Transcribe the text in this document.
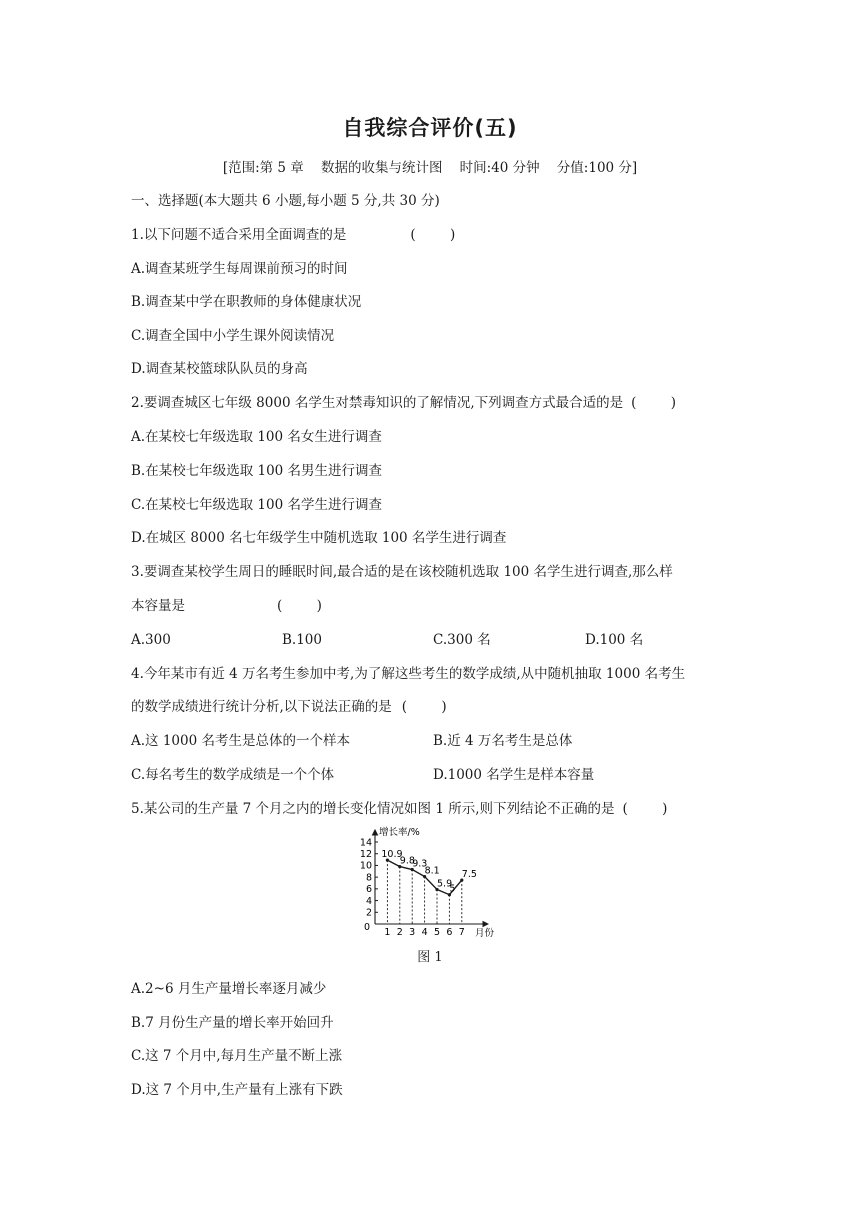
自我综合评价(五)
[范围:第 5 章    数据的收集与统计图    时间:40 分钟    分值:100 分]
一、选择题(本大题共 6 小题,每小题 5 分,共 30 分)
1.以下问题不适合采用全面调查的是	(        )
A.调查某班学生每周课前预习的时间
B.调查某中学在职教师的身体健康状况
C.调查全国中小学生课外阅读情况
D.调查某校篮球队队员的身高
2.要调查城区七年级 8000 名学生对禁毒知识的了解情况,下列调查方式最合适的是 (        )
A.在某校七年级选取 100 名女生进行调查
B.在某校七年级选取 100 名男生进行调查
C.在某校七年级选取 100 名学生进行调查
D.在城区 8000 名七年级学生中随机选取 100 名学生进行调查
3.要调查某校学生周日的睡眠时间,最合适的是在该校随机选取 100 名学生进行调查,那么样
本容量是	(        )
A.300	B.100	C.300 名	D.100 名
4.今年某市有近 4 万名考生参加中考,为了解这些考生的数学成绩,从中随机抽取 1000 名考生
的数学成绩进行统计分析,以下说法正确的是 (        )
A.这 1000 名考生是总体的一个样本	B.近 4 万名考生是总体
C.每名考生的数学成绩是一个个体	D.1000 名学生是样本容量
5.某公司的生产量 7 个月之内的增长变化情况如图 1 所示,则下列结论不正确的是 (        )
增长率/%
月份
0
2
4
6
8
10
12
14
1 2 3 4 5 6 7
10.9
9.8
9.3
8.1
5.9
5
7.5
图 1
A.2~6 月生产量增长率逐月减少
B.7 月份生产量的增长率开始回升
C.这 7 个月中,每月生产量不断上涨
D.这 7 个月中,生产量有上涨有下跌
